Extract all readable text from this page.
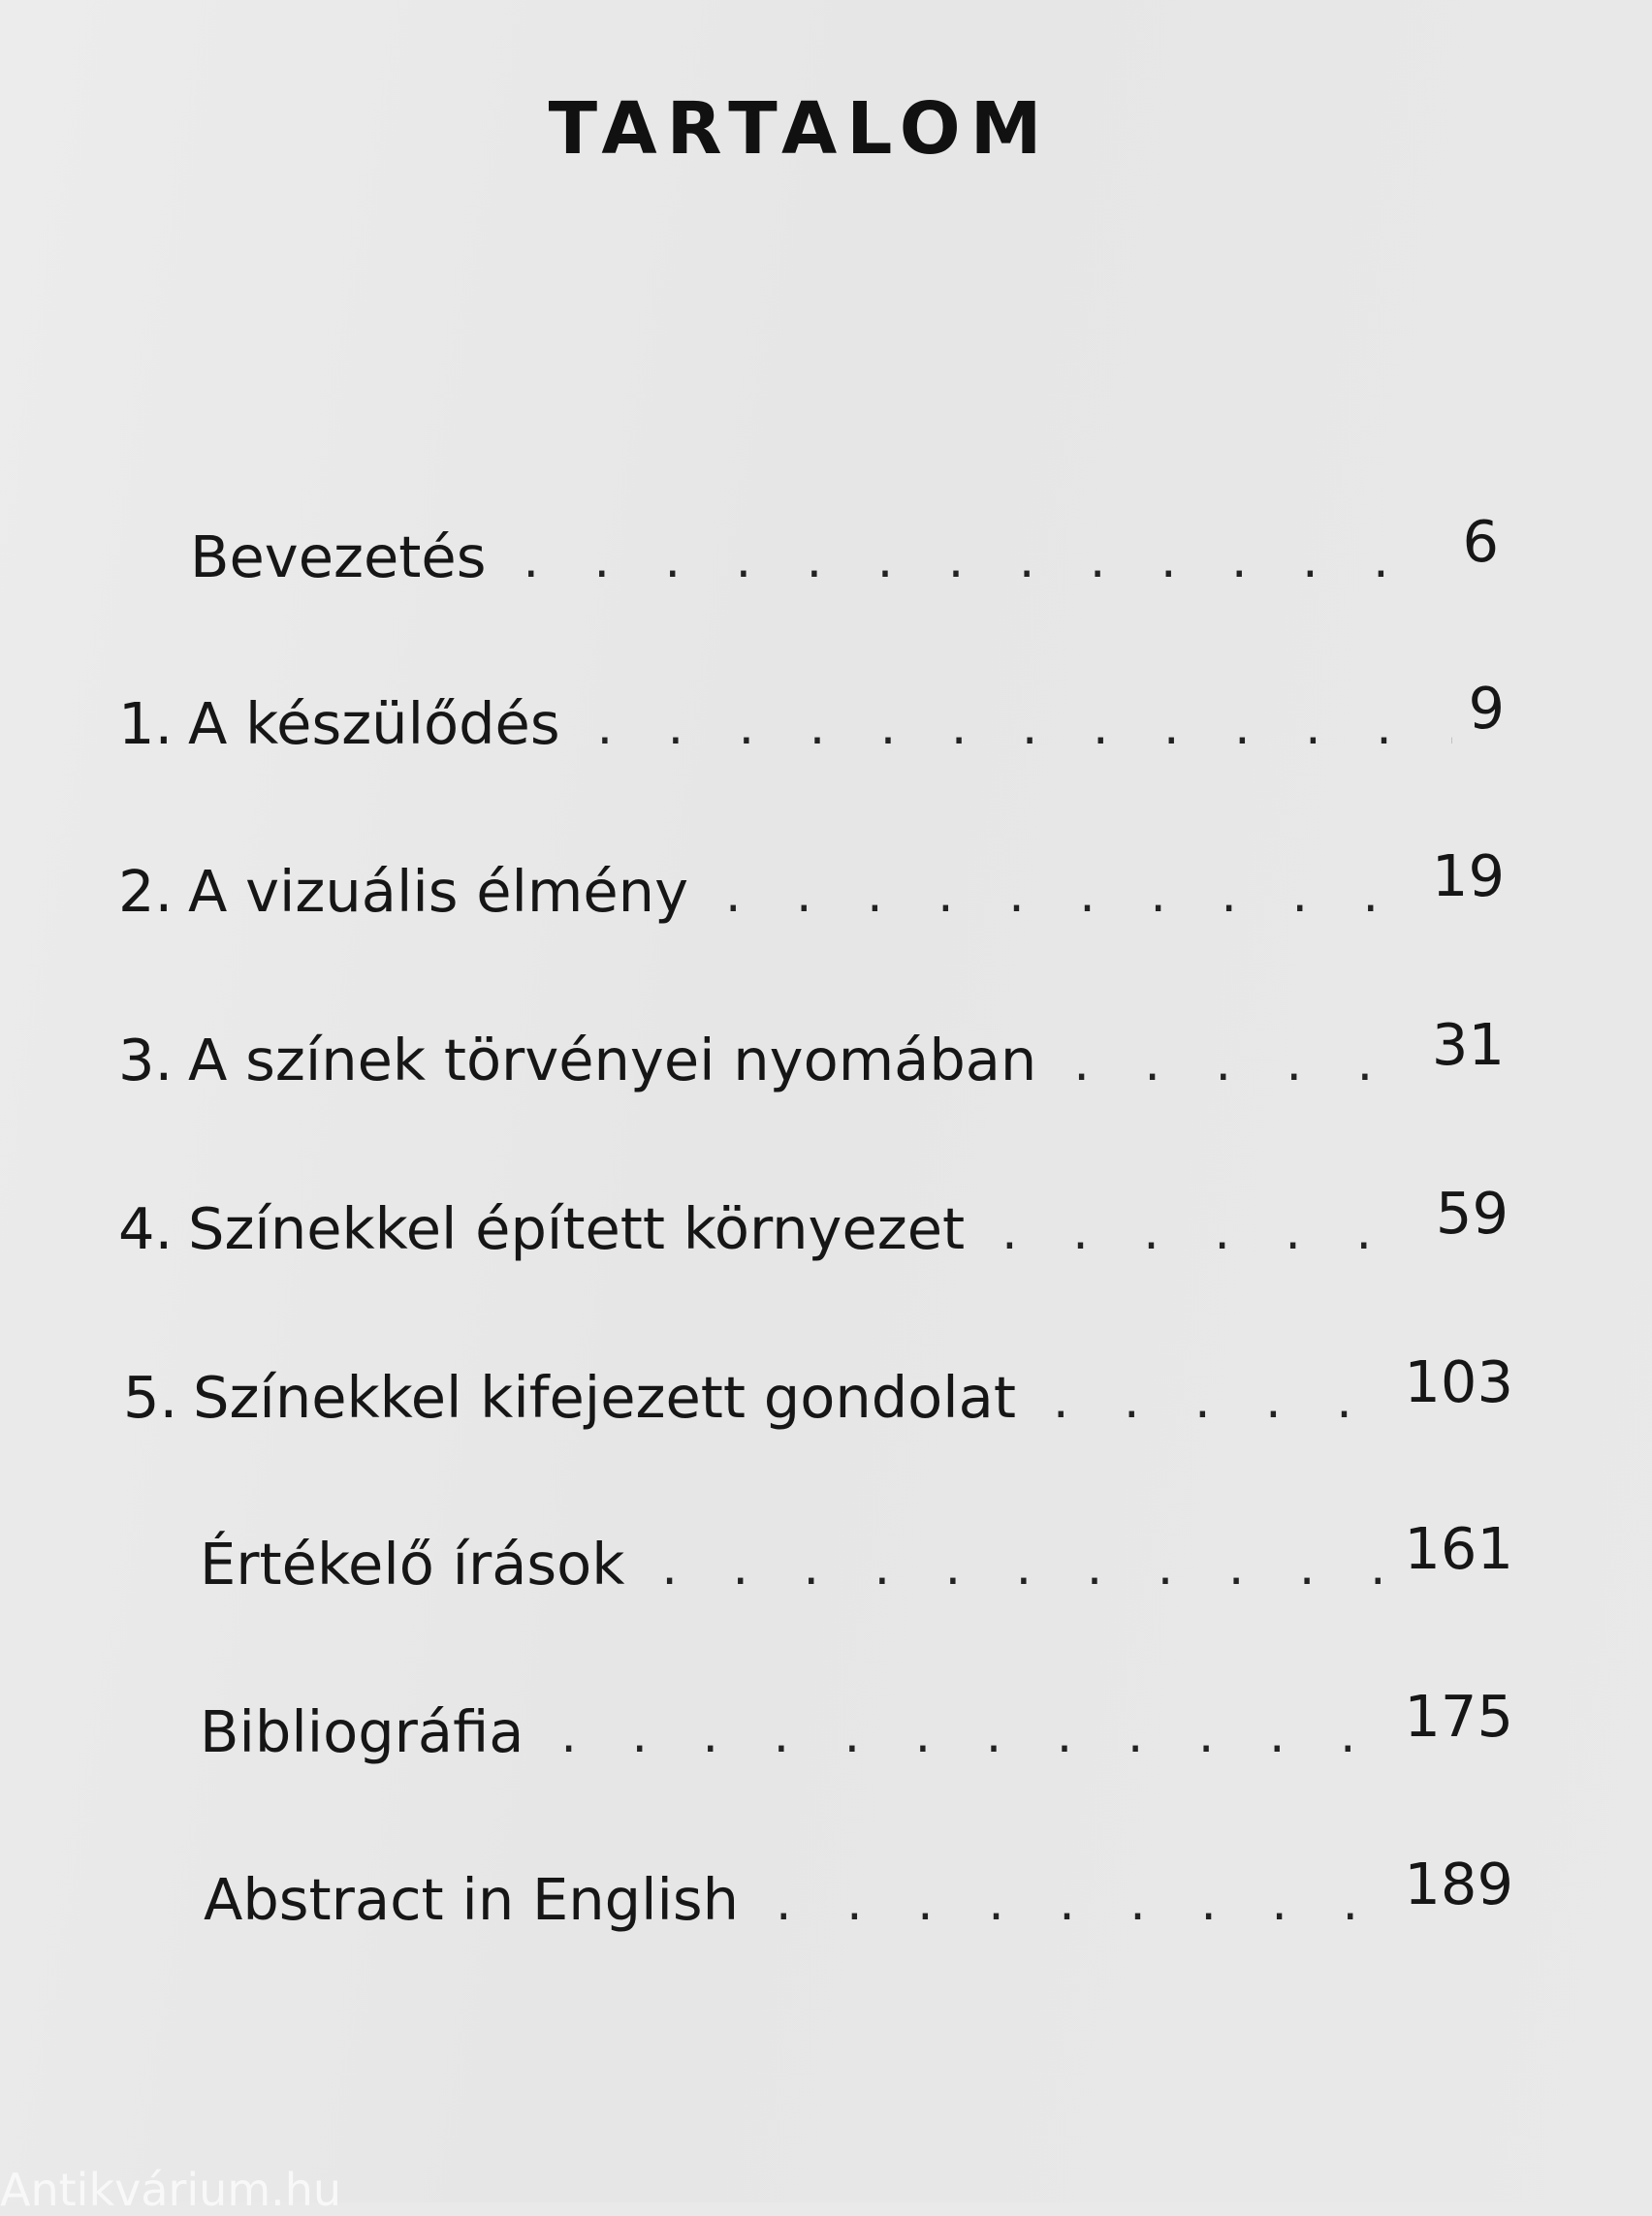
TARTALOM
Bevezetés . . .	6
1. A készülődés . . .	9
2. A vizuális élmény . . .	19
3. A színek törvényei nyomában . . .	31
4. Színekkel épített környezet . . .	59
5. Színekkel kifejezett gondolat . . .	103
Értékelő írások . . .	161
Bibliográfia . . .	175
Abstract in English . . .	189
Antikvárium.hu
